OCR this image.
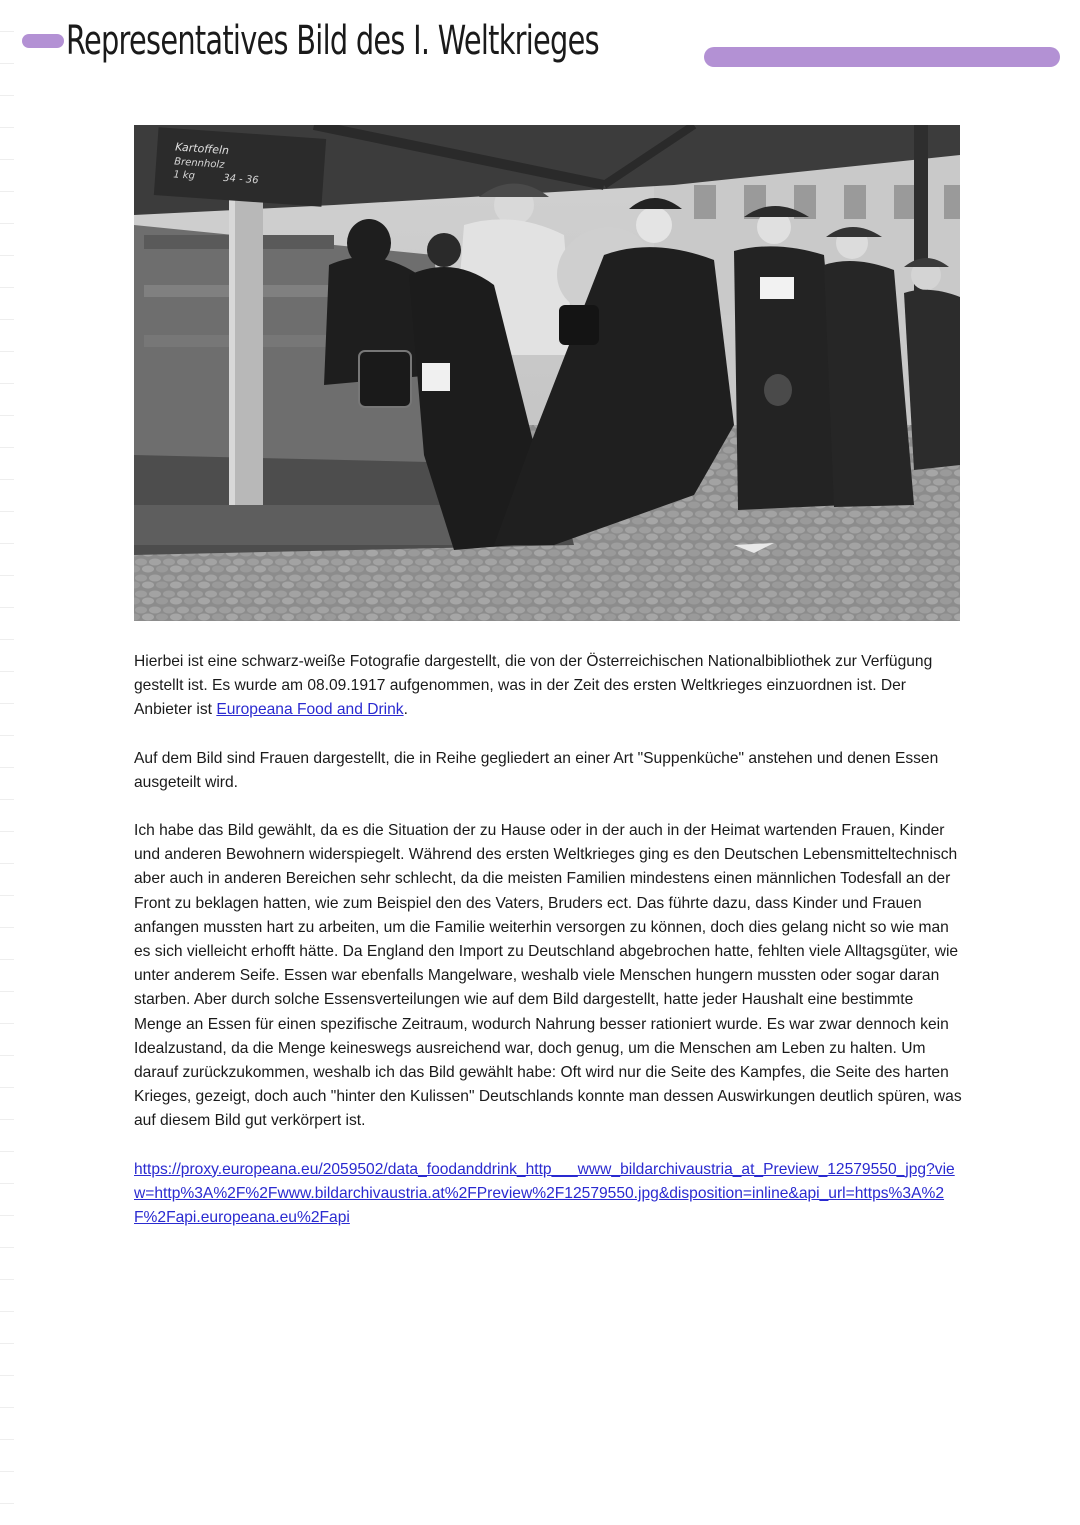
Representatives Bild des I. Weltkrieges
Kartoffeln
Brennholz
1 kg	34 - 36

Hierbei ist eine schwarz-weiße Fotografie dargestellt, die von der Österreichischen Nationalbibliothek zur Verfügung gestellt ist. Es wurde am 08.09.1917 aufgenommen, was in der Zeit des ersten Weltkrieges einzuordnen ist. Der Anbieter ist Europeana Food and Drink.

Auf dem Bild sind Frauen dargestellt, die in Reihe gegliedert an einer Art "Suppenküche" anstehen und denen Essen ausgeteilt wird.

Ich habe das Bild gewählt, da es die Situation der zu Hause oder in der auch in der Heimat wartenden Frauen, Kinder und anderen Bewohnern widerspiegelt. Während des ersten Weltkrieges ging es den Deutschen Lebensmitteltechnisch aber auch in anderen Bereichen sehr schlecht, da die meisten Familien mindestens einen männlichen Todesfall an der Front zu beklagen hatten, wie zum Beispiel den des Vaters, Bruders ect. Das führte dazu, dass Kinder und Frauen anfangen mussten hart zu arbeiten, um die Familie weiterhin versorgen zu können, doch dies gelang nicht so wie man es sich vielleicht erhofft hätte. Da England den Import zu Deutschland abgebrochen hatte, fehlten viele Alltagsgüter, wie unter anderem Seife. Essen war ebenfalls Mangelware, weshalb viele Menschen hungern mussten oder sogar daran starben. Aber durch solche Essensverteilungen wie auf dem Bild dargestellt, hatte jeder Haushalt eine bestimmte Menge an Essen für einen spezifische Zeitraum, wodurch Nahrung besser rationiert wurde. Es war zwar dennoch kein Idealzustand, da die Menge keineswegs ausreichend war, doch genug, um die Menschen am Leben zu halten. Um darauf zurückzukommen, weshalb ich das Bild gewählt habe: Oft wird nur die Seite des Kampfes, die Seite des harten Krieges, gezeigt, doch auch "hinter den Kulissen" Deutschlands konnte man dessen Auswirkungen deutlich spüren, was auf diesem Bild gut verkörpert ist.

https://proxy.europeana.eu/2059502/data_foodanddrink_http___www_bildarchivaustria_at_Preview_12579550_jpg?view=http%3A%2F%2Fwww.bildarchivaustria.at%2FPreview%2F12579550.jpg&disposition=inline&api_url=https%3A%2F%2Fapi.europeana.eu%2Fapi
